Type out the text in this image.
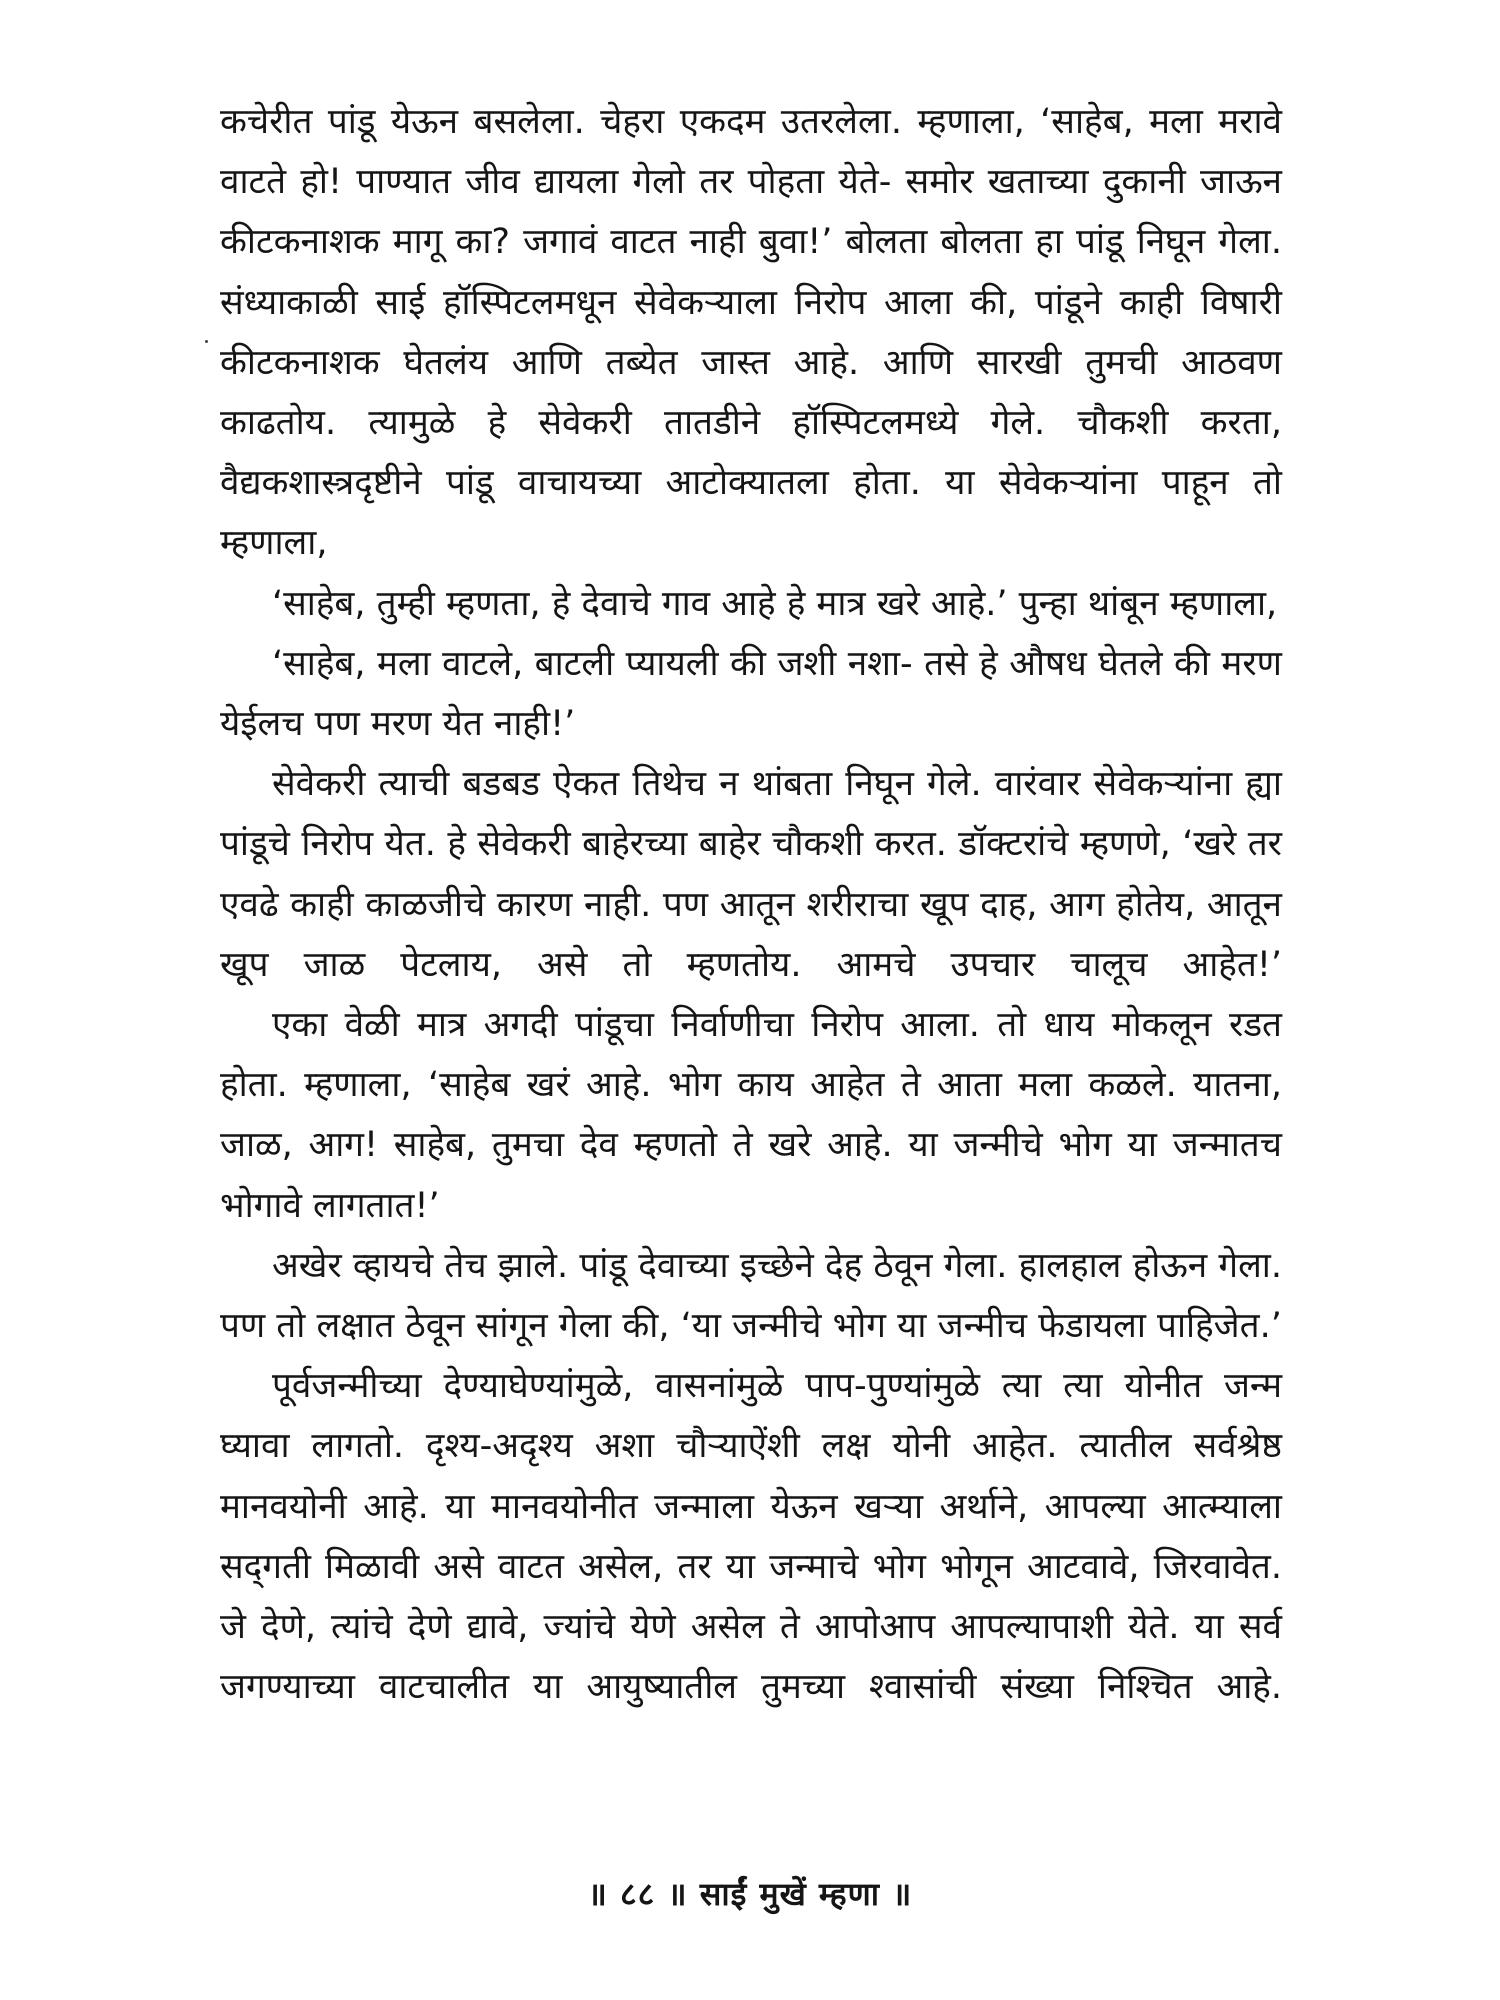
कचेरीत पांडू येऊन बसलेला. चेहरा एकदम उतरलेला. म्हणाला, ‘साहेब, मला मरावे वाटते हो! पाण्यात जीव द्यायला गेलो तर पोहता येते- समोर खताच्या दुकानी जाऊन कीटकनाशक मागू का? जगावं वाटत नाही बुवा!’ बोलता बोलता हा पांडू निघून गेला. संध्याकाळी साई हॉस्पिटलमधून सेवेकऱ्याला निरोप आला की, पांडूने काही विषारी कीटकनाशक घेतलंय आणि तब्येत जास्त आहे. आणि सारखी तुमची आठवण काढतोय. त्यामुळे हे सेवेकरी तातडीने हॉस्पिटलमध्ये गेले. चौकशी करता, वैद्यकशास्त्रदृष्टीने पांडू वाचायच्या आटोक्यातला होता. या सेवेकऱ्यांना पाहून तो म्हणाला,

‘साहेब, तुम्ही म्हणता, हे देवाचे गाव आहे हे मात्र खरे आहे.’ पुन्हा थांबून म्हणाला,

‘साहेब, मला वाटले, बाटली प्यायली की जशी नशा- तसे हे औषध घेतले की मरण येईलच पण मरण येत नाही!’

सेवेकरी त्याची बडबड ऐकत तिथेच न थांबता निघून गेले. वारंवार सेवेकऱ्यांना ह्या पांडूचे निरोप येत. हे सेवेकरी बाहेरच्या बाहेर चौकशी करत. डॉक्टरांचे म्हणणे, ‘खरे तर एवढे काही काळजीचे कारण नाही. पण आतून शरीराचा खूप दाह, आग होतेय, आतून खूप जाळ पेटलाय, असे तो म्हणतोय. आमचे उपचार चालूच आहेत!’

एका वेळी मात्र अगदी पांडूचा निर्वाणीचा निरोप आला. तो धाय मोकलून रडत होता. म्हणाला, ‘साहेब खरं आहे. भोग काय आहेत ते आता मला कळले. यातना, जाळ, आग! साहेब, तुमचा देव म्हणतो ते खरे आहे. या जन्मीचे भोग या जन्मातच भोगावे लागतात!’

अखेर व्हायचे तेच झाले. पांडू देवाच्या इच्छेने देह ठेवून गेला. हालहाल होऊन गेला. पण तो लक्षात ठेवून सांगून गेला की, ‘या जन्मीचे भोग या जन्मीच फेडायला पाहिजेत.’

पूर्वजन्मीच्या देण्याघेण्यांमुळे, वासनांमुळे पाप-पुण्यांमुळे त्या त्या योनीत जन्म घ्यावा लागतो. दृश्य-अदृश्य अशा चौऱ्याऐंशी लक्ष योनी आहेत. त्यातील सर्वश्रेष्ठ मानवयोनी आहे. या मानवयोनीत जन्माला येऊन खऱ्या अर्थाने, आपल्या आत्म्याला सद्‌गती मिळावी असे वाटत असेल, तर या जन्माचे भोग भोगून आटवावे, जिरवावेत. जे देणे, त्यांचे देणे द्यावे, ज्यांचे येणे असेल ते आपोआप आपल्यापाशी येते. या सर्व जगण्याच्या वाटचालीत या आयुष्यातील तुमच्या श्वासांची संख्या निश्चित आहे.

॥ ८८ ॥ साईं मुखें म्हणा ॥
